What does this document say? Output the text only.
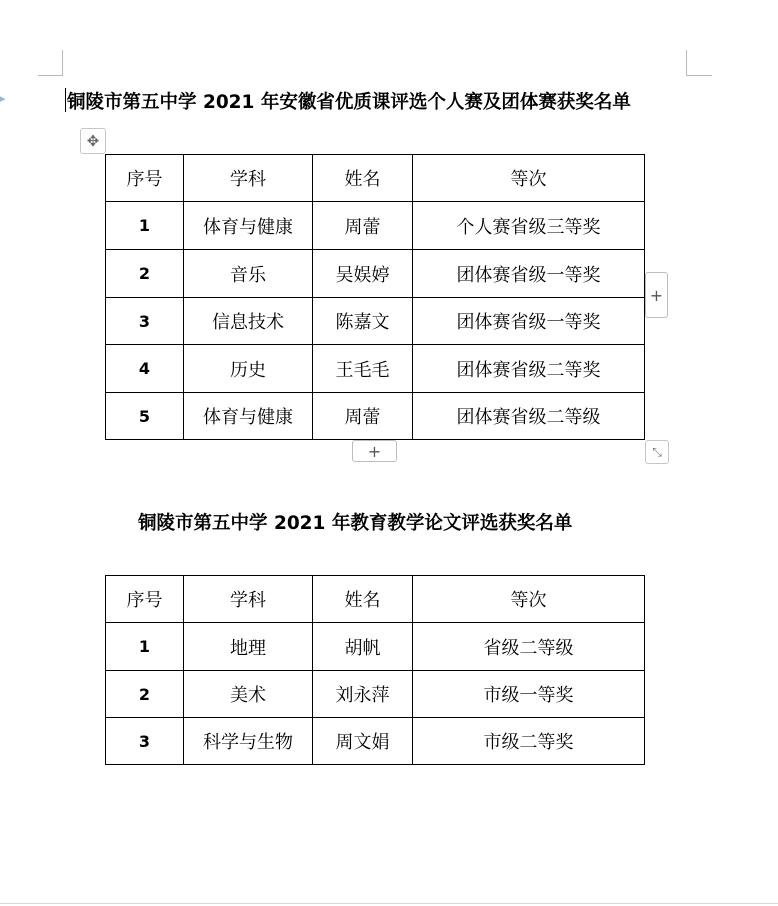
▸	铜陵市第五中学 2021 年安徽省优质课评选个人赛及团体赛获奖名单
✥
序号	学科	姓名	等次
1	体育与健康	周蕾	个人赛省级三等奖
2	音乐	吴娱婷	团体赛省级一等奖
3	信息技术	陈嘉文	团体赛省级一等奖
4	历史	王毛毛	团体赛省级二等奖
5	体育与健康	周蕾	团体赛省级二等级
+
+	⤡
铜陵市第五中学 2021 年教育教学论文评选获奖名单
序号	学科	姓名	等次
1	地理	胡帆	省级二等级
2	美术	刘永萍	市级一等奖
3	科学与生物	周文娟	市级二等奖
